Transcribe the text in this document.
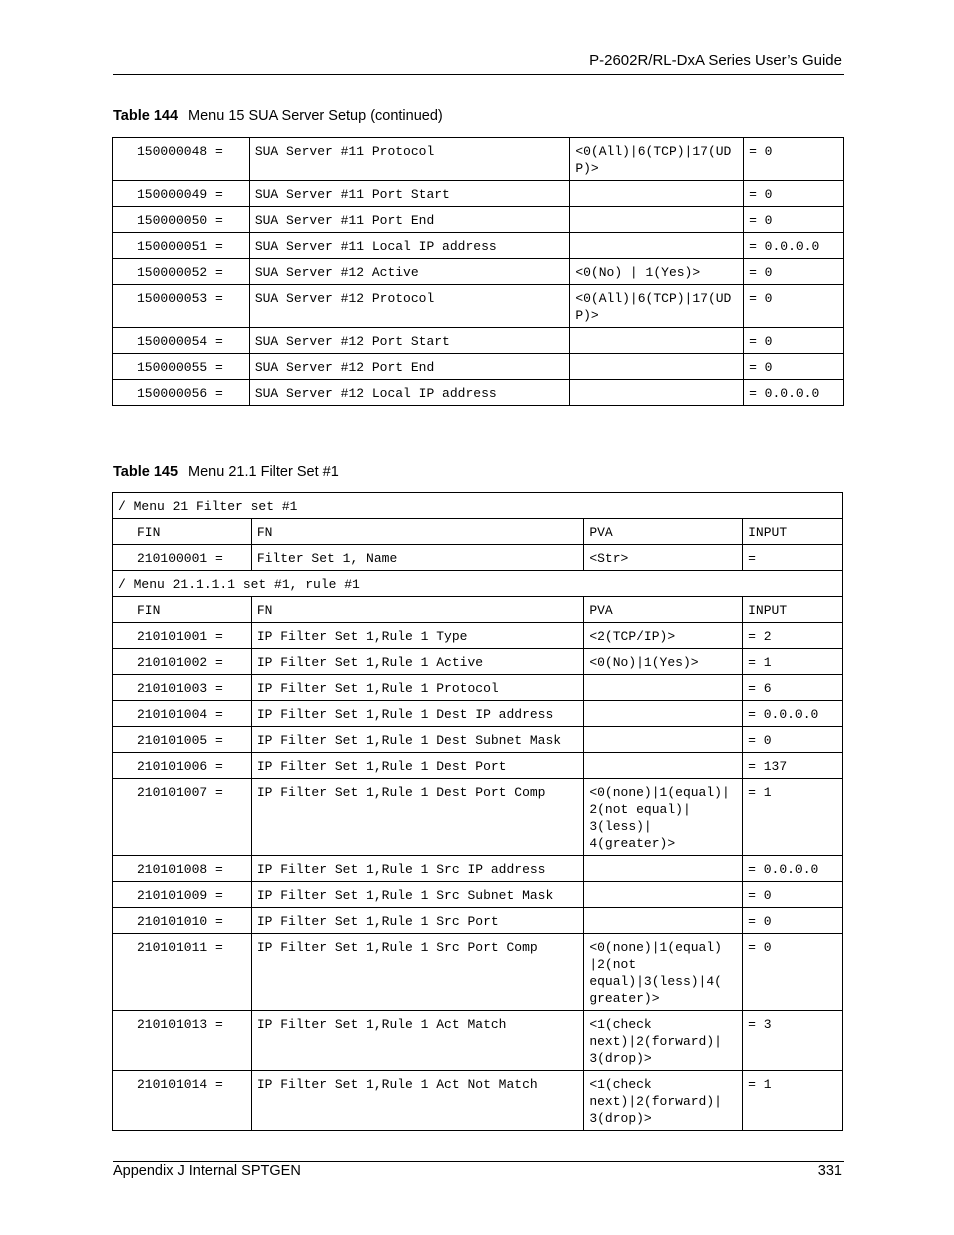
P-2602R/RL-DxA Series User’s Guide
Table 144 Menu 15 SUA Server Setup (continued)
150000048 =	SUA Server #11 Protocol	<0(All)|6(TCP)|17(UDP)>	= 0
150000049 =	SUA Server #11 Port Start		= 0
150000050 =	SUA Server #11 Port End		= 0
150000051 =	SUA Server #11 Local IP address		= 0.0.0.0
150000052 =	SUA Server #12 Active	<0(No) | 1(Yes)>	= 0
150000053 =	SUA Server #12 Protocol	<0(All)|6(TCP)|17(UDP)>	= 0
150000054 =	SUA Server #12 Port Start		= 0
150000055 =	SUA Server #12 Port End		= 0
150000056 =	SUA Server #12 Local IP address		= 0.0.0.0
Table 145 Menu 21.1 Filter Set #1
/ Menu 21 Filter set #1			
FIN	FN	PVA	INPUT
210100001 =	Filter Set 1, Name	<Str>	=
/ Menu 21.1.1.1 set #1, rule #1			
FIN	FN	PVA	INPUT
210101001 =	IP Filter Set 1,Rule 1 Type	<2(TCP/IP)>	= 2
210101002 =	IP Filter Set 1,Rule 1 Active	<0(No)|1(Yes)>	= 1
210101003 =	IP Filter Set 1,Rule 1 Protocol		= 6
210101004 =	IP Filter Set 1,Rule 1 Dest IP address		= 0.0.0.0
210101005 =	IP Filter Set 1,Rule 1 Dest Subnet Mask		= 0
210101006 =	IP Filter Set 1,Rule 1 Dest Port		= 137
210101007 =	IP Filter Set 1,Rule 1 Dest Port Comp	<0(none)|1(equal)|2(not equal)|
3(less)|
4(greater)>	= 1
210101008 =	IP Filter Set 1,Rule 1 Src IP address		= 0.0.0.0
210101009 =	IP Filter Set 1,Rule 1 Src Subnet Mask		= 0
210101010 =	IP Filter Set 1,Rule 1 Src Port		= 0
210101011 =	IP Filter Set 1,Rule 1 Src Port Comp	<0(none)|1(equal)
|2(not
equal)|3(less)|4(
greater)>	= 0
210101013 =	IP Filter Set 1,Rule 1 Act Match	<1(check
next)|2(forward)|
3(drop)>	= 3
210101014 =	IP Filter Set 1,Rule 1 Act Not Match	<1(check
next)|2(forward)|
3(drop)>	= 1
Appendix J Internal SPTGEN	331
